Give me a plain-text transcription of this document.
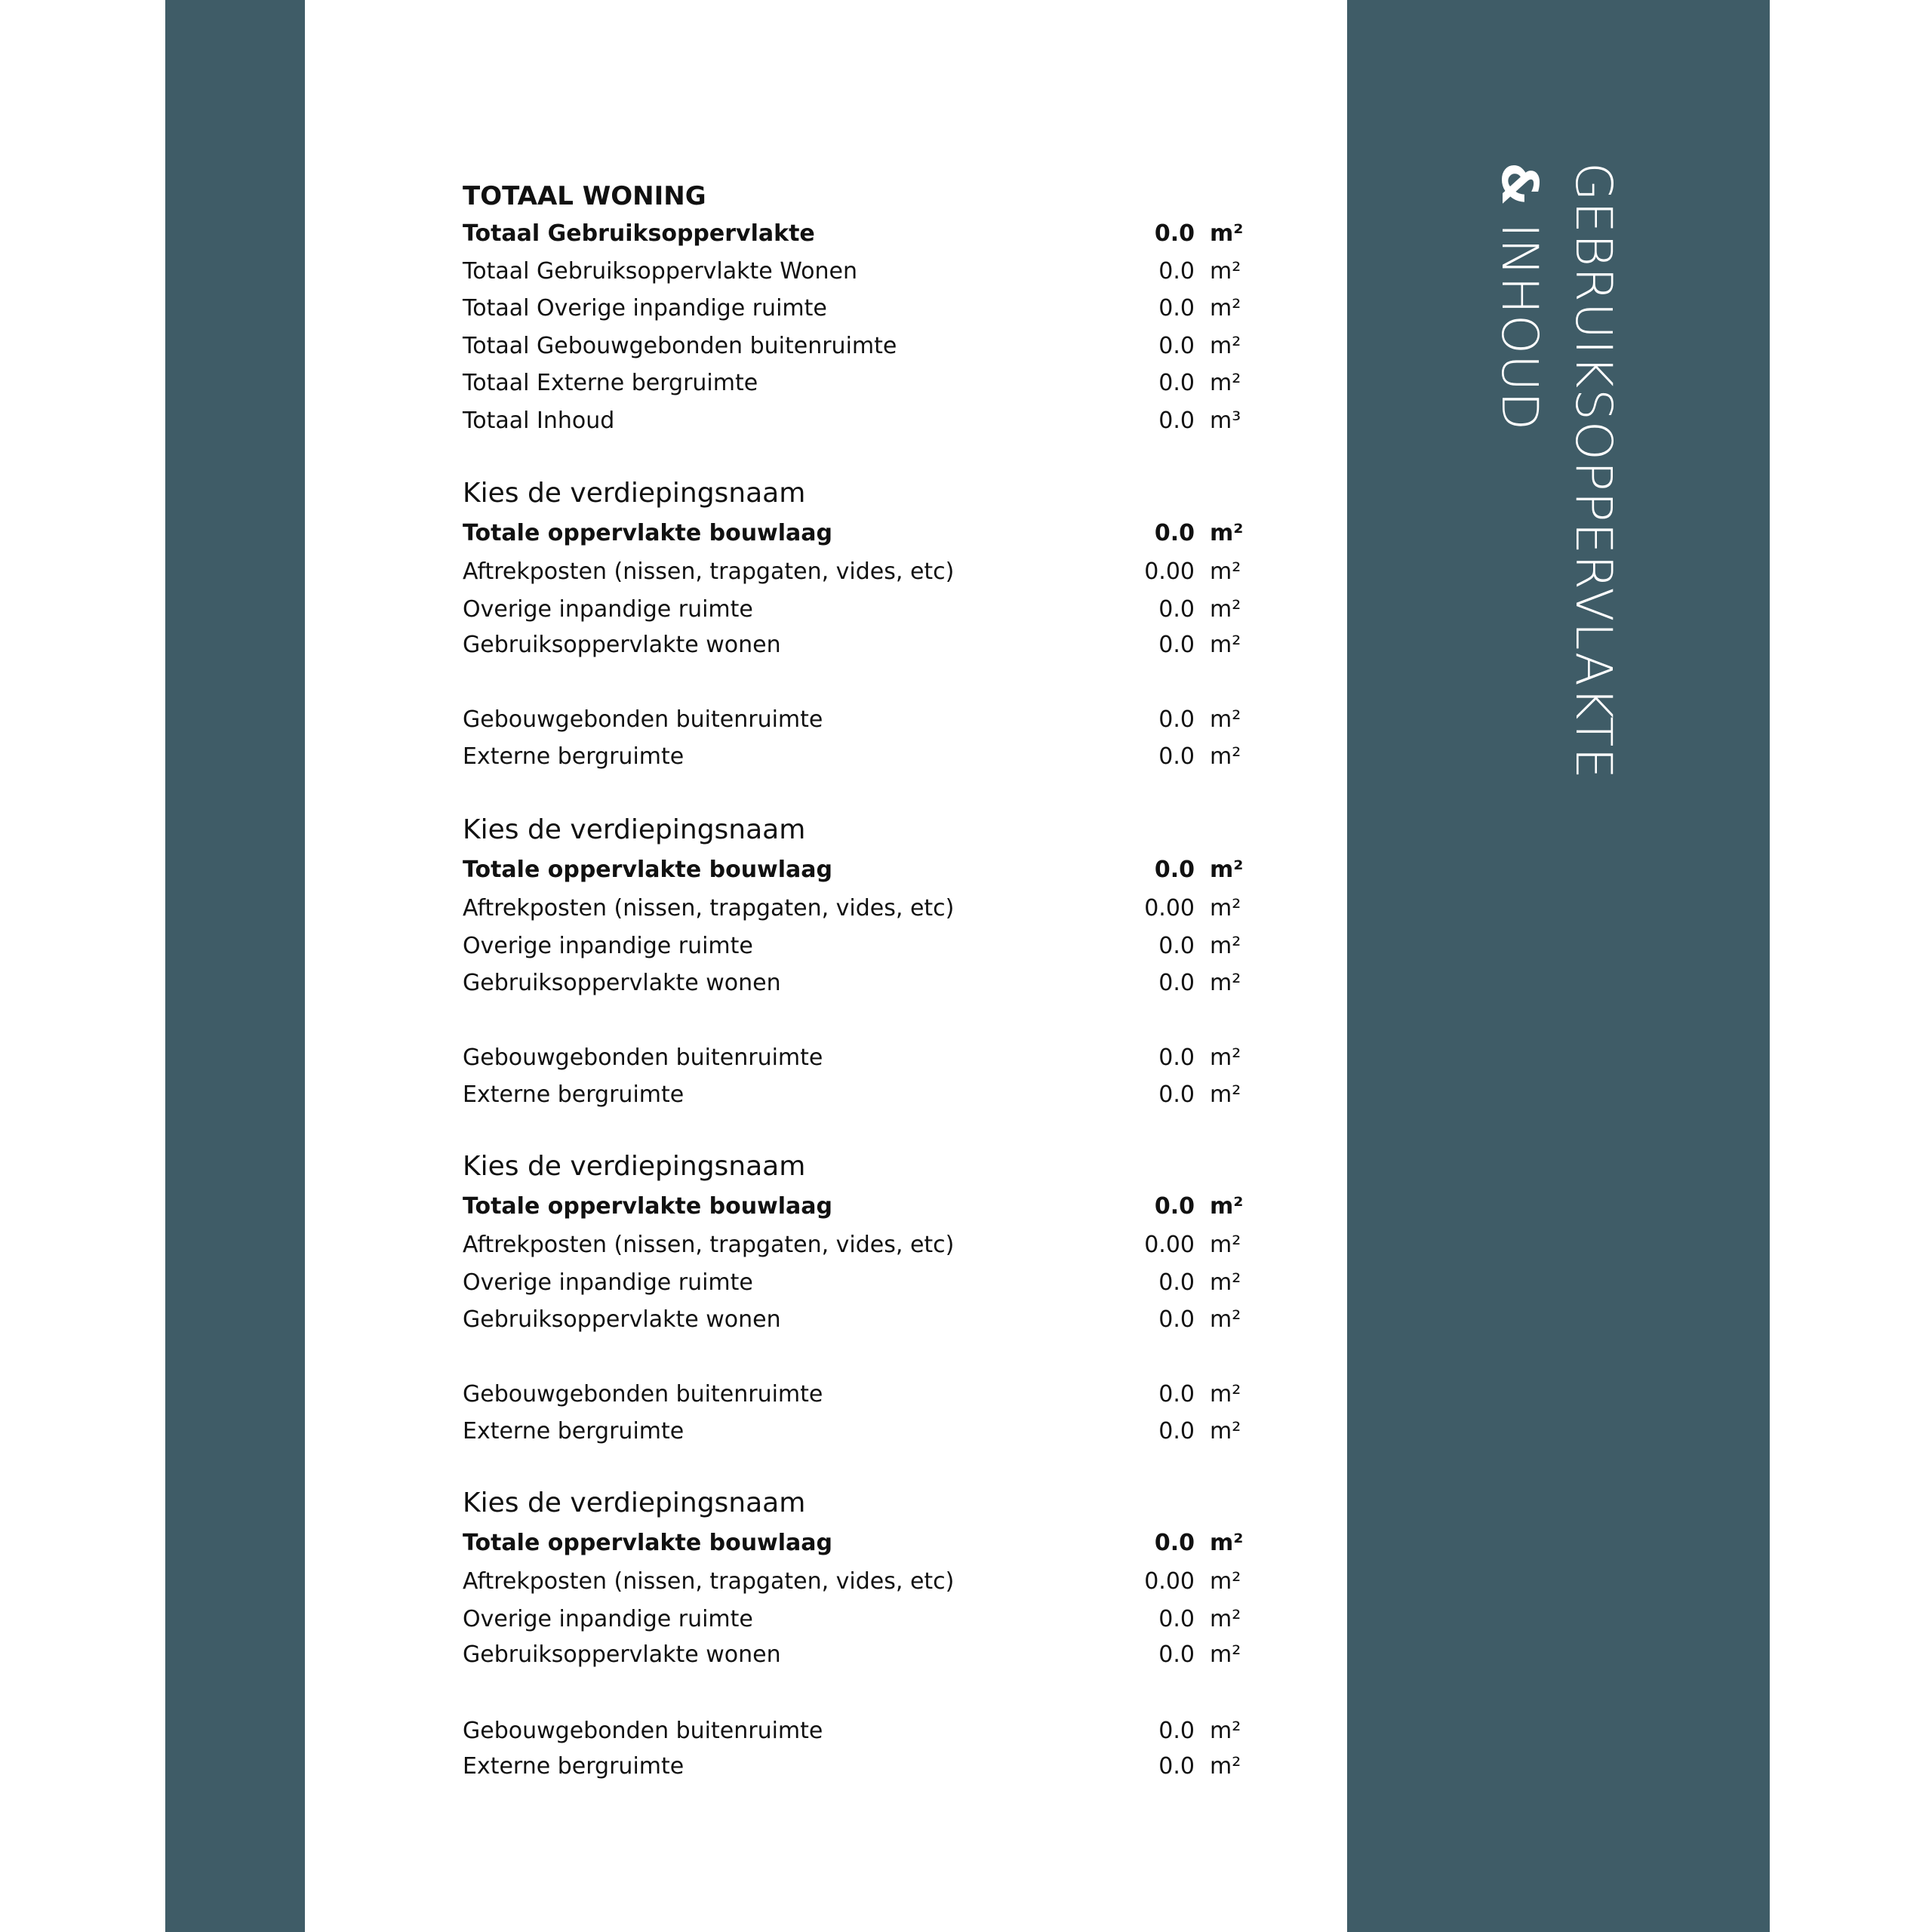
GEBRUIKSOPPERVLAKTE
& INHOUD
TOTAAL WONING
Totaal Gebruiksoppervlakte	0.0 m²
Totaal Gebruiksoppervlakte Wonen	0.0 m²
Totaal Overige inpandige ruimte	0.0 m²
Totaal Gebouwgebonden buitenruimte	0.0 m²
Totaal Externe bergruimte	0.0 m²
Totaal Inhoud	0.0 m³
Kies de verdiepingsnaam
Totale oppervlakte bouwlaag	0.0 m²
Aftrekposten (nissen, trapgaten, vides, etc)	0.00 m²
Overige inpandige ruimte	0.0 m²
Gebruiksoppervlakte wonen	0.0 m²
Gebouwgebonden buitenruimte	0.0 m²
Externe bergruimte	0.0 m²
Kies de verdiepingsnaam
Totale oppervlakte bouwlaag	0.0 m²
Aftrekposten (nissen, trapgaten, vides, etc)	0.00 m²
Overige inpandige ruimte	0.0 m²
Gebruiksoppervlakte wonen	0.0 m²
Gebouwgebonden buitenruimte	0.0 m²
Externe bergruimte	0.0 m²
Kies de verdiepingsnaam
Totale oppervlakte bouwlaag	0.0 m²
Aftrekposten (nissen, trapgaten, vides, etc)	0.00 m²
Overige inpandige ruimte	0.0 m²
Gebruiksoppervlakte wonen	0.0 m²
Gebouwgebonden buitenruimte	0.0 m²
Externe bergruimte	0.0 m²
Kies de verdiepingsnaam
Totale oppervlakte bouwlaag	0.0 m²
Aftrekposten (nissen, trapgaten, vides, etc)	0.00 m²
Overige inpandige ruimte	0.0 m²
Gebruiksoppervlakte wonen	0.0 m²
Gebouwgebonden buitenruimte	0.0 m²
Externe bergruimte	0.0 m²
